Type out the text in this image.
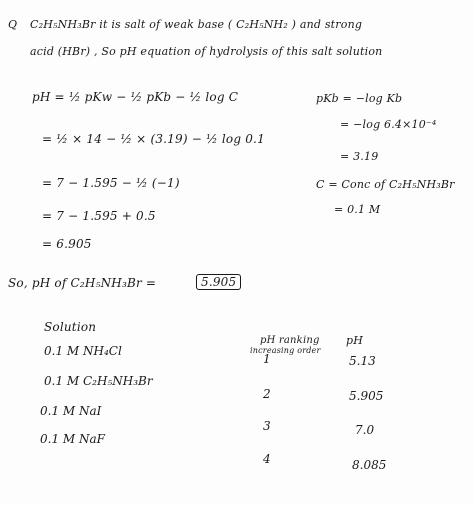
Q C₂H₅NH₃Br it is salt of weak base ( C₂H₅NH₂ ) and strong
acid (HBr) , So pH equation of hydrolysis of this salt solution
pH = ½ pKw − ½ pKb − ½ log C
= ½ × 14 − ½ × (3.19) − ½ log 0.1
= 7 − 1.595 − ½ (−1)
= 7 − 1.595 + 0.5
= 6.905
pKb = −log Kb
= −log 6.4×10⁻⁴
= 3.19
C = Conc of C₂H₅NH₃Br
= 0.1 M
So, pH of C₂H₅NH₃Br =	5.905
Solution
pH ranking
increasing order
pH
0.1 M NH₄Cl
1	5.13
0.1 M C₂H₅NH₃Br
2	5.905
0.1 M NaI
3	7.0
0.1 M NaF
4	8.085
